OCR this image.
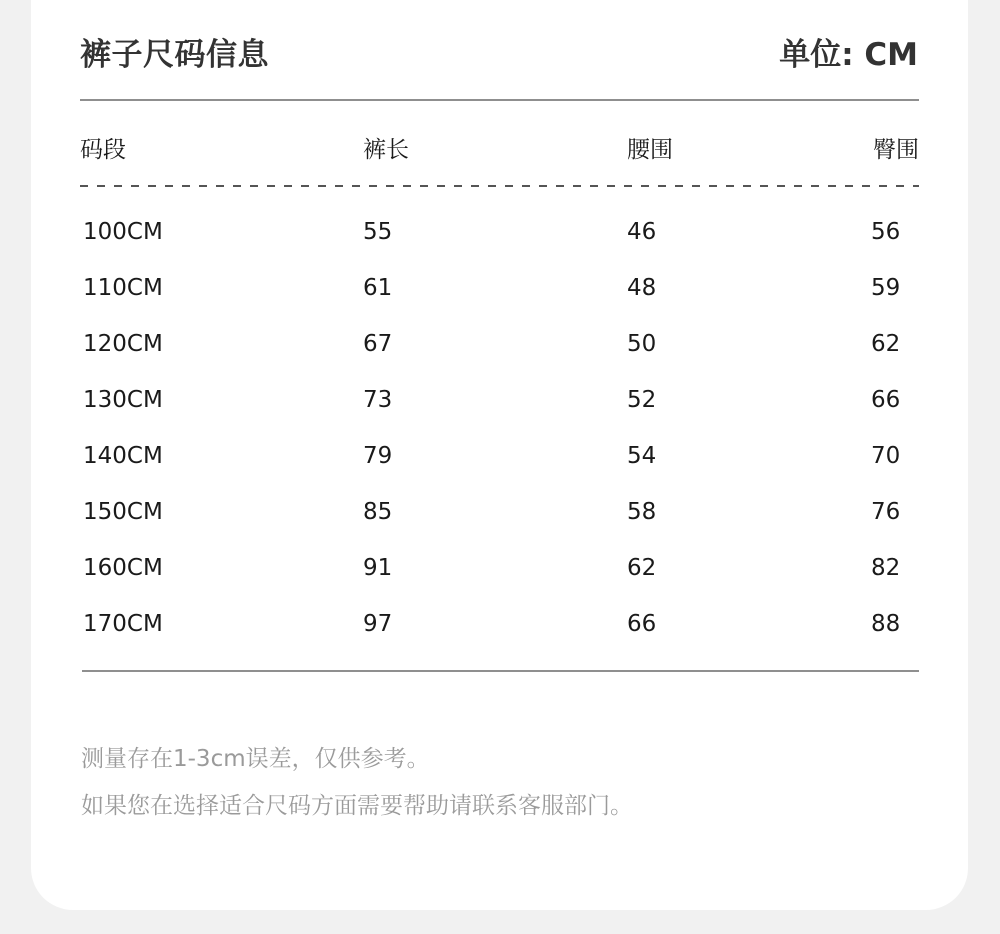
裤子尺码信息	单位: CM
码段	裤长	腰围	臀围
100CM	55	46	56
110CM	61	48	59
120CM	67	50	62
130CM	73	52	66
140CM	79	54	70
150CM	85	58	76
160CM	91	62	82
170CM	97	66	88
测量存在1-3cm误差，仅供参考。
如果您在选择适合尺码方面需要帮助请联系客服部门。
